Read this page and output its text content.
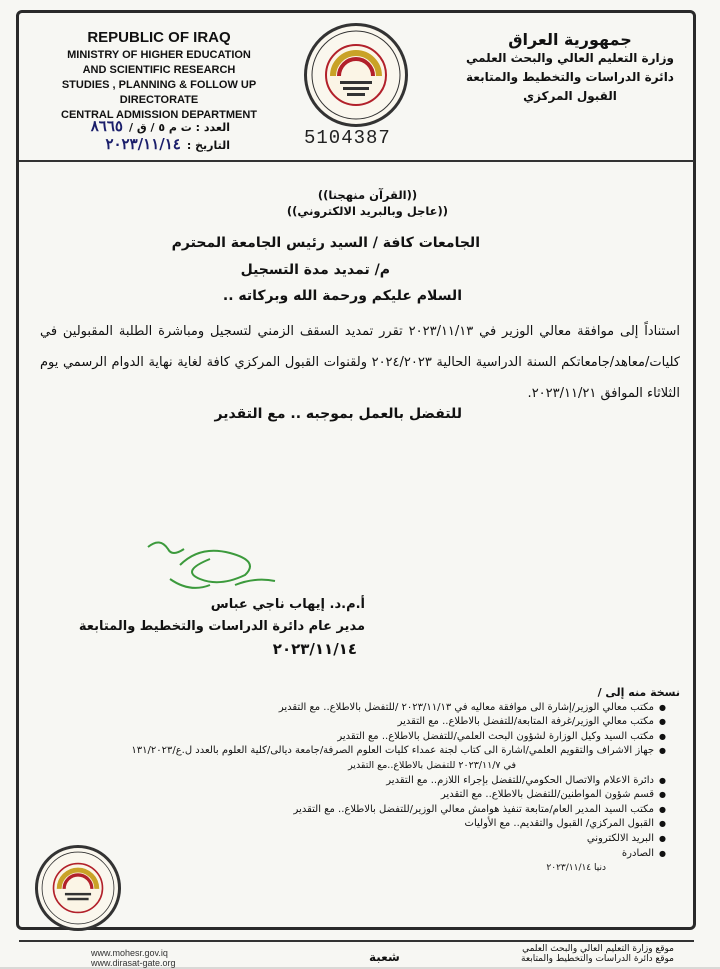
REPUBLIC OF IRAQ
MINISTRY OF HIGHER EDUCATION
AND SCIENTIFIC RESEARCH
STUDIES , PLANNING & FOLLOW UP DIRECTORATE
CENTRAL ADMISSION DEPARTMENT
جمهورية العراق
وزارة التعليم العالي والبحث العلمي
دائرة الدراسات والتخطيط والمتابعة
القبول المركزي
العدد : ت م ٥ / ق /٨٦٦٥
التاريخ :٢٠٢٣/١١/١٤	5104387
((القرآن منهجنا))
((عاجل وبالبريد الالكتروني))
الجامعات كافة / السيد رئيس الجامعة المحترم
م/ تمديد مدة التسجيل
السلام عليكم ورحمة الله وبركاته ..
استناداً إلى موافقة معالي الوزير في ٢٠٢٣/١١/١٣ تقرر تمديد السقف الزمني لتسجيل ومباشرة الطلبة المقبولين في كليات/معاهد/جامعاتكم السنة الدراسية الحالية ٢٠٢٤/٢٠٢٣ ولقنوات القبول المركزي كافة لغاية نهاية الدوام الرسمي يوم الثلاثاء الموافق ٢٠٢٣/١١/٢١.
للتفضل بالعمل بموجبه .. مع التقدير
أ.م.د. إيهاب ناجي عباس
مدير عام دائرة الدراسات والتخطيط والمتابعة
٢٠٢٣/١١/١٤
نسخة منه إلى /
● مكتب معالي الوزير/إشارة الى موافقة معاليه في ٢٠٢٣/١١/١٣ /للتفضل بالاطلاع.. مع التقدير
● مكتب معالي الوزير/غرفة المتابعة/للتفضل بالاطلاع.. مع التقدير
● مكتب السيد وكيل الوزارة لشؤون البحث العلمي/للتفضل بالاطلاع.. مع التقدير
● جهاز الاشراف والتقويم العلمي/اشارة الى كتاب لجنة عمداء كليات العلوم الصرفة/جامعة ديالى/كلية العلوم بالعدد ل.ع/١٣١/٢٠٢٣
في ٢٠٢٣/١١/٧ للتفضل بالاطلاع..مع التقدير
● دائرة الاعلام والاتصال الحكومي/للتفضل بإجراء اللازم.. مع التقدير
● قسم شؤون المواطنين/للتفضل بالاطلاع.. مع التقدير
● مكتب السيد المدير العام/متابعة تنفيذ هوامش معالي الوزير/للتفضل بالاطلاع.. مع التقدير
● القبول المركزي/ القبول والتقديم.. مع الأوليات
● البريد الالكتروني
● الصادرة
دنيا ٢٠٢٣/١١/١٤
www.mohesr.gov.iq
www.dirasat-gate.org	شعبة
موقع وزارة التعليم العالي والبحث العلمي
موقع دائرة الدراسات والتخطيط والمتابعة
